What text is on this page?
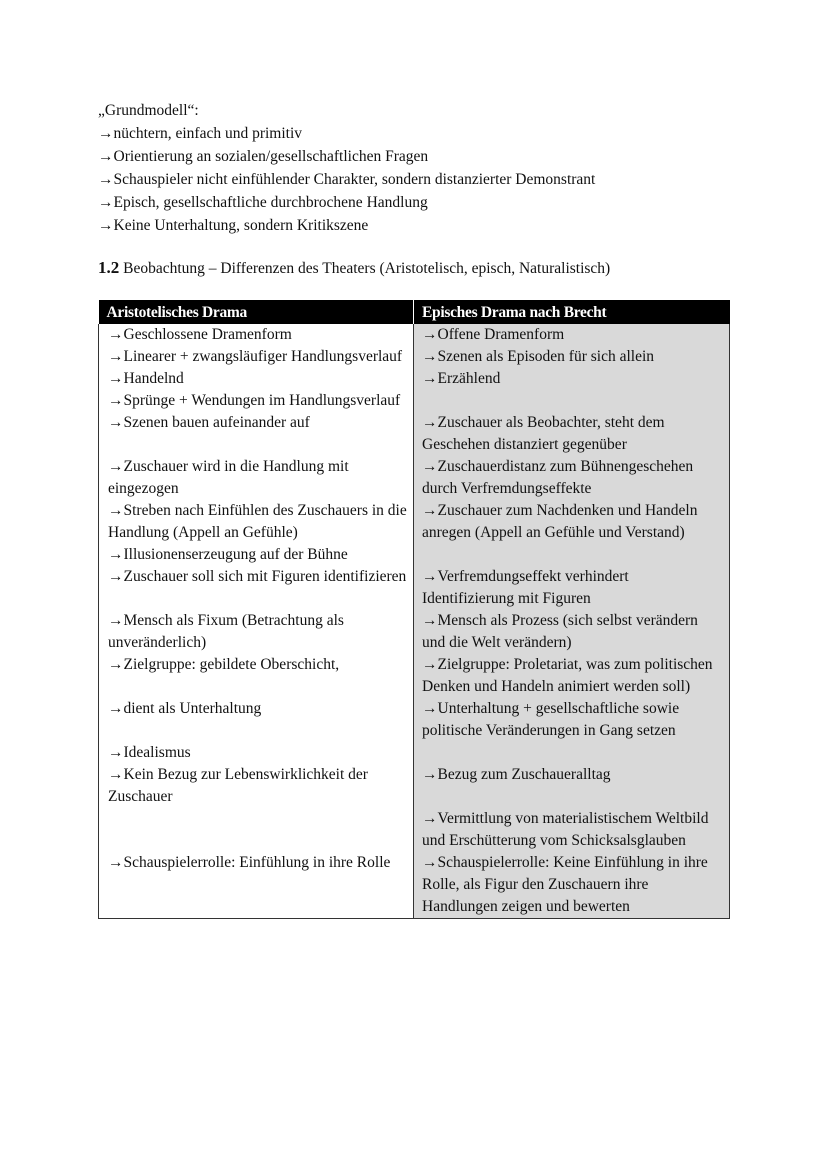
„Grundmodell“:

→nüchtern, einfach und primitiv

→Orientierung an sozialen/gesellschaftlichen Fragen

→Schauspieler nicht einfühlender Charakter, sondern distanzierter Demonstrant

→Episch, gesellschaftliche durchbrochene Handlung

→Keine Unterhaltung, sondern Kritikszene

1.2 Beobachtung – Differenzen des Theaters (Aristotelisch, episch, Naturalistisch)
Aristotelisches Drama	Episches Drama nach Brecht
→Geschlossene Dramenform	→Offene Dramenform
→Linearer + zwangsläufiger Handlungsverlauf	→Szenen als Episoden für sich allein
→Handelnd	→Erzählend
→Sprünge + Wendungen im Handlungsverlauf	
→Szenen bauen aufeinander auf	→Zuschauer als Beobachter, steht dem Geschehen distanziert gegenüber
→Zuschauer wird in die Handlung mit eingezogen	→Zuschauerdistanz zum Bühnengeschehen durch Verfremdungseffekte
→Streben nach Einfühlen des Zuschauers in die Handlung (Appell an Gefühle)	→Zuschauer zum Nachdenken und Handeln anregen (Appell an Gefühle und Verstand)
→Illusionenserzeugung auf der Bühne	
→Zuschauer soll sich mit Figuren identifizieren	→Verfremdungseffekt verhindert Identifizierung mit Figuren
→Mensch als Fixum (Betrachtung als unveränderlich)	→Mensch als Prozess (sich selbst verändern und die Welt verändern)
→Zielgruppe: gebildete Oberschicht,	→Zielgruppe: Proletariat, was zum politischen Denken und Handeln animiert werden soll)
→dient als Unterhaltung	→Unterhaltung + gesellschaftliche sowie politische Veränderungen in Gang setzen
→Idealismus	
→Kein Bezug zur Lebenswirklichkeit der Zuschauer	→Bezug zum Zuschaueralltag
	→Vermittlung von materialistischem Weltbild und Erschütterung vom Schicksalsglauben
→Schauspielerrolle: Einfühlung in ihre Rolle	→Schauspielerrolle: Keine Einfühlung in ihre Rolle, als Figur den Zuschauern ihre Handlungen zeigen und bewerten
